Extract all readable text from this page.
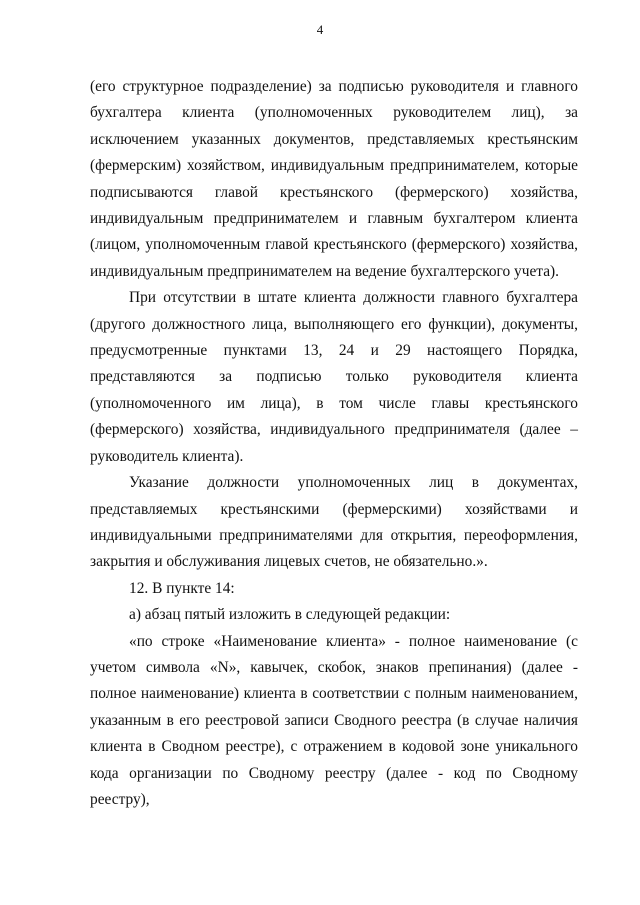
4

(его структурное подразделение) за подписью руководителя и главного бухгалтера клиента (уполномоченных руководителем лиц), за исключением указанных документов, представляемых крестьянским (фермерским) хозяйством, индивидуальным предпринимателем, которые подписываются главой крестьянского (фермерского) хозяйства, индивидуальным предпринимателем и главным бухгалтером клиента (лицом, уполномоченным главой крестьянского (фермерского) хозяйства, индивидуальным предпринимателем на ведение бухгалтерского учета).

При отсутствии в штате клиента должности главного бухгалтера (другого должностного лица, выполняющего его функции), документы, предусмотренные пунктами 13, 24 и 29 настоящего Порядка, представляются за подписью только руководителя клиента (уполномоченного им лица), в том числе главы крестьянского (фермерского) хозяйства, индивидуального предпринимателя (далее – руководитель клиента).

Указание должности уполномоченных лиц в документах, представляемых крестьянскими (фермерскими) хозяйствами и индивидуальными предпринимателями для открытия, переоформления, закрытия и обслуживания лицевых счетов, не обязательно.».

12. В пункте 14:

а) абзац пятый изложить в следующей редакции:

«по строке «Наименование клиента» - полное наименование (с учетом символа «N», кавычек, скобок, знаков препинания) (далее - полное наименование) клиента в соответствии с полным наименованием, указанным в его реестровой записи Сводного реестра (в случае наличия клиента в Сводном реестре), с отражением в кодовой зоне уникального кода организации по Сводному реестру (далее - код по Сводному реестру),
